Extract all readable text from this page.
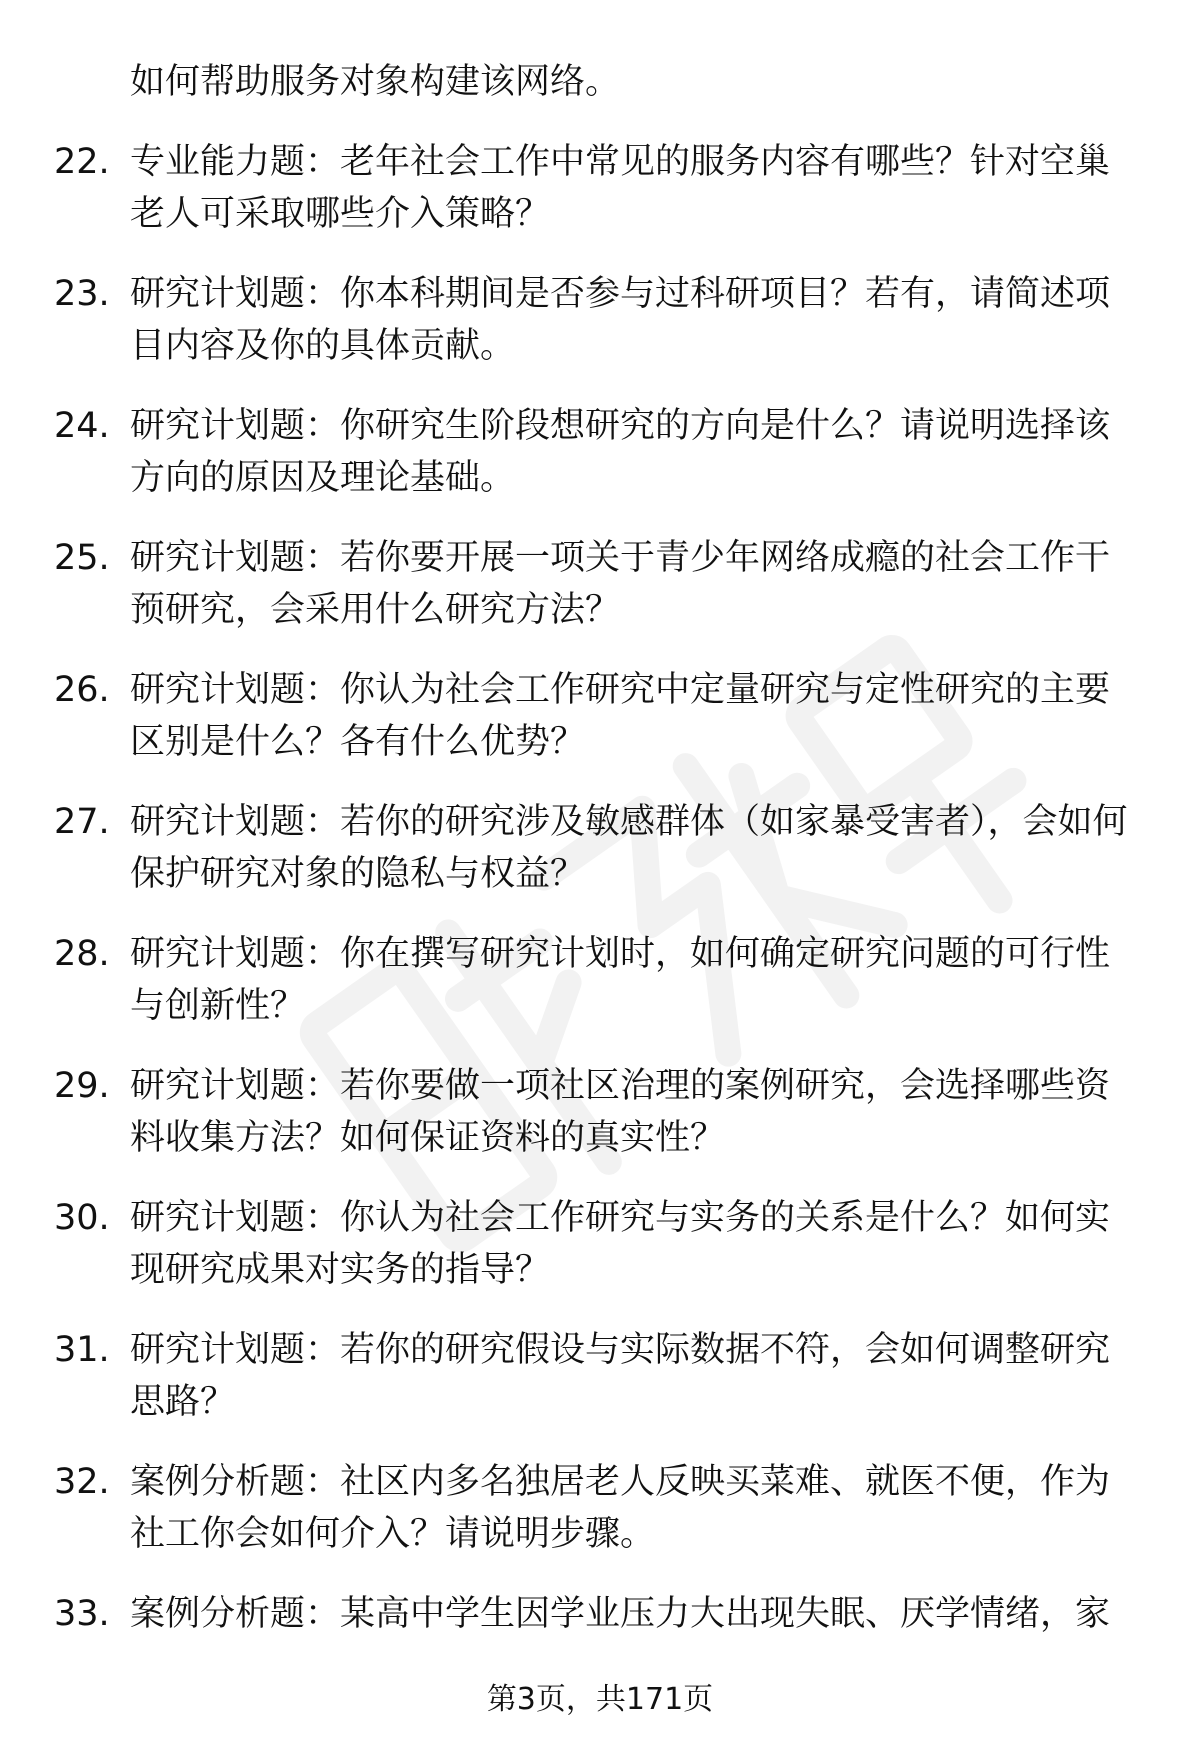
如何帮助服务对象构建该网络。
22. 专业能力题：老年社会工作中常见的服务内容有哪些？针对空巢老人可采取哪些介入策略？
23. 研究计划题：你本科期间是否参与过科研项目？若有，请简述项目内容及你的具体贡献。
24. 研究计划题：你研究生阶段想研究的方向是什么？请说明选择该方向的原因及理论基础。
25. 研究计划题：若你要开展一项关于青少年网络成瘾的社会工作干预研究，会采用什么研究方法？
26. 研究计划题：你认为社会工作研究中定量研究与定性研究的主要区别是什么？各有什么优势？
27. 研究计划题：若你的研究涉及敏感群体（如家暴受害者），会如何保护研究对象的隐私与权益？
28. 研究计划题：你在撰写研究计划时，如何确定研究问题的可行性与创新性？
29. 研究计划题：若你要做一项社区治理的案例研究，会选择哪些资料收集方法？如何保证资料的真实性？
30. 研究计划题：你认为社会工作研究与实务的关系是什么？如何实现研究成果对实务的指导？
31. 研究计划题：若你的研究假设与实际数据不符，会如何调整研究思路？
32. 案例分析题：社区内多名独居老人反映买菜难、就医不便，作为社工你会如何介入？请说明步骤。
33. 案例分析题：某高中学生因学业压力大出现失眠、厌学情绪，家
第3页，共171页
